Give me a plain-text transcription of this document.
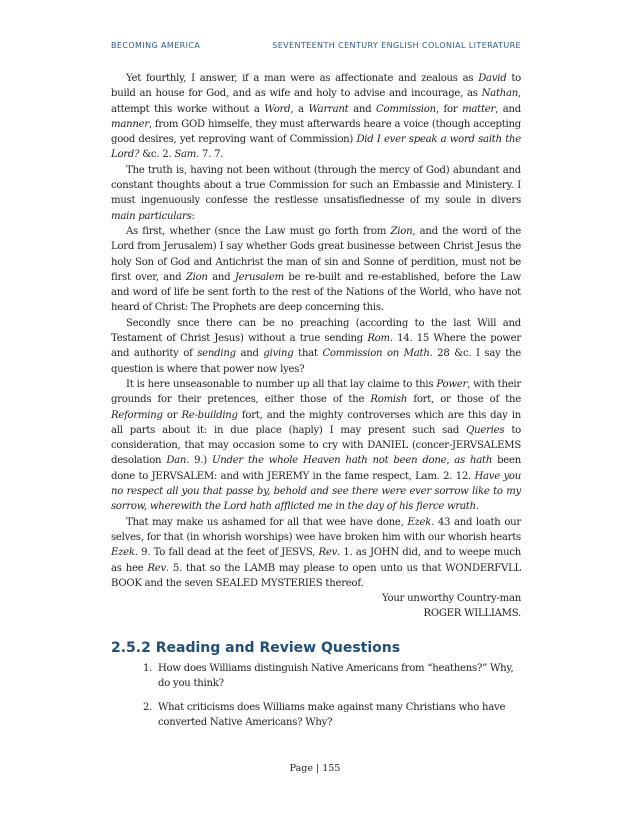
BECOMING AMERICA	SEVENTEENTH CENTURY ENGLISH COLONIAL LITERATURE

Yet fourthly, I answer, if a man were as affectionate and zealous as David to build an house for God, and as wife and holy to advise and incourage, as Nathan, attempt this worke without a Word, a Warrant and Commission, for matter, and manner, from GOD himselfe, they must afterwards heare a voice (though accepting good desires, yet reproving want of Commission) Did I ever speak a word saith the Lord? &c. 2. Sam. 7. 7.

The truth is, having not been without (through the mercy of God) abundant and constant thoughts about a true Commission for such an Embassie and Ministery. I must ingenuously confesse the restlesse unsatisfiednesse of my soule in divers main particulars:

As first, whether (snce the Law must go forth from Zion, and the word of the Lord from Jerusalem) I say whether Gods great businesse between Christ Jesus the holy Son of God and Antichrist the man of sin and Sonne of perdition, must not be first over, and Zion and Jerusalem be re-built and re-established, before the Law and word of life be sent forth to the rest of the Nations of the World, who have not heard of Christ: The Prophets are deep concerning this.

Secondly snce there can be no preaching (according to the last Will and Testament of Christ Jesus) without a true sending Rom. 14. 15 Where the power and authority of sending and giving that Commission on Math. 28 &c. I say the question is where that power now lyes?

It is here unseasonable to number up all that lay claime to this Power, with their grounds for their pretences, either those of the Romish fort, or those of the Reforming or Re-building fort, and the mighty controverses which are this day in all parts about it: in due place (haply) I may present such sad Queries to consideration, that may occasion some to cry with DANIEL (concer-JERVSALEMS desolation Dan. 9.) Under the whole Heaven hath not been done, as hath been done to JERVSALEM: and with JEREMY in the fame respect, Lam. 2. 12. Have you no respect all you that passe by, behold and see there were ever sorrow like to my sorrow, wherewith the Lord hath afflicted me in the day of his fierce wrath.

That may make us ashamed for all that wee have done, Ezek. 43 and loath our selves, for that (in whorish worships) wee have broken him with our whorish hearts Ezek. 9. To fall dead at the feet of JESVS, Rev. 1. as JOHN did, and to weepe much as hee Rev. 5. that so the LAMB may please to open unto us that WONDERFVLL BOOK and the seven SEALED MYSTERIES thereof.

Your unworthy Country-man
ROGER WILLIAMS.
2.5.2 Reading and Review Questions
1. How does Williams distinguish Native Americans from “heathens?” Why, do you think?
2. What criticisms does Williams make against many Christians who have converted Native Americans? Why?
Page | 155
